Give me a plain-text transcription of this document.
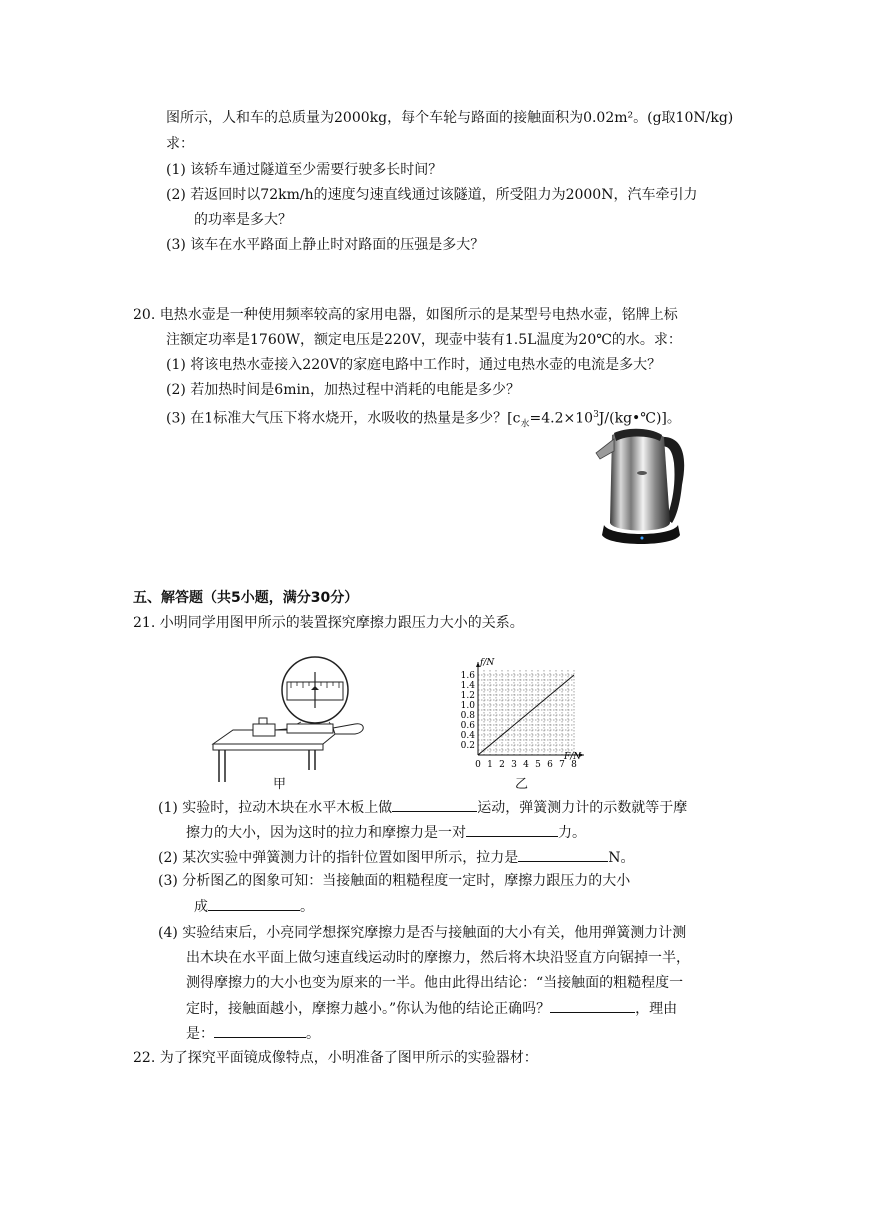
图所示，人和车的总质量为2000kg，每个车轮与路面的接触面积为0.02m²。(g取10N/kg)
求：
(1) 该轿车通过隧道至少需要行驶多长时间？
(2) 若返回时以72km/h的速度匀速直线通过该隧道，所受阻力为2000N，汽车牵引力
的功率是多大？
(3) 该车在水平路面上静止时对路面的压强是多大？
20. 电热水壶是一种使用频率较高的家用电器，如图所示的是某型号电热水壶，铭牌上标
注额定功率是1760W，额定电压是220V，现壶中装有1.5L温度为20℃的水。求：
(1) 将该电热水壶接入220V的家庭电路中工作时，通过电热水壶的电流是多大？
(2) 若加热时间是6min，加热过程中消耗的电能是多少？
(3) 在1标准大气压下将水烧开，水吸收的热量是多少？$[c_水=4.2\times 10^3J/(kg•℃)]$。
五、解答题（共5小题，满分30分）
21. 小明同学用图甲所示的装置探究摩擦力跟压力大小的关系。
甲
0 1 2 3 4 5 6 7 8
0.2
0.4
0.6
0.8
1.0
1.2
1.4
1.6
f/N
F/N
乙
(1) 实验时，拉动木块在水平木板上做	运动，弹簧测力计的示数就等于摩
擦力的大小，因为这时的拉力和摩擦力是一对	力。
(2) 某次实验中弹簧测力计的指针位置如图甲所示，拉力是	N。
(3) 分析图乙的图象可知：当接触面的粗糙程度一定时，摩擦力跟压力的大小
成	。
(4) 实验结束后，小亮同学想探究摩擦力是否与接触面的大小有关，他用弹簧测力计测
出木块在水平面上做匀速直线运动时的摩擦力，然后将木块沿竖直方向锯掉一半，
测得摩擦力的大小也变为原来的一半。他由此得出结论：“当接触面的粗糙程度一
定时，接触面越小，摩擦力越小。”你认为他的结论正确吗？	，理由
是：	。
22. 为了探究平面镜成像特点，小明准备了图甲所示的实验器材：
